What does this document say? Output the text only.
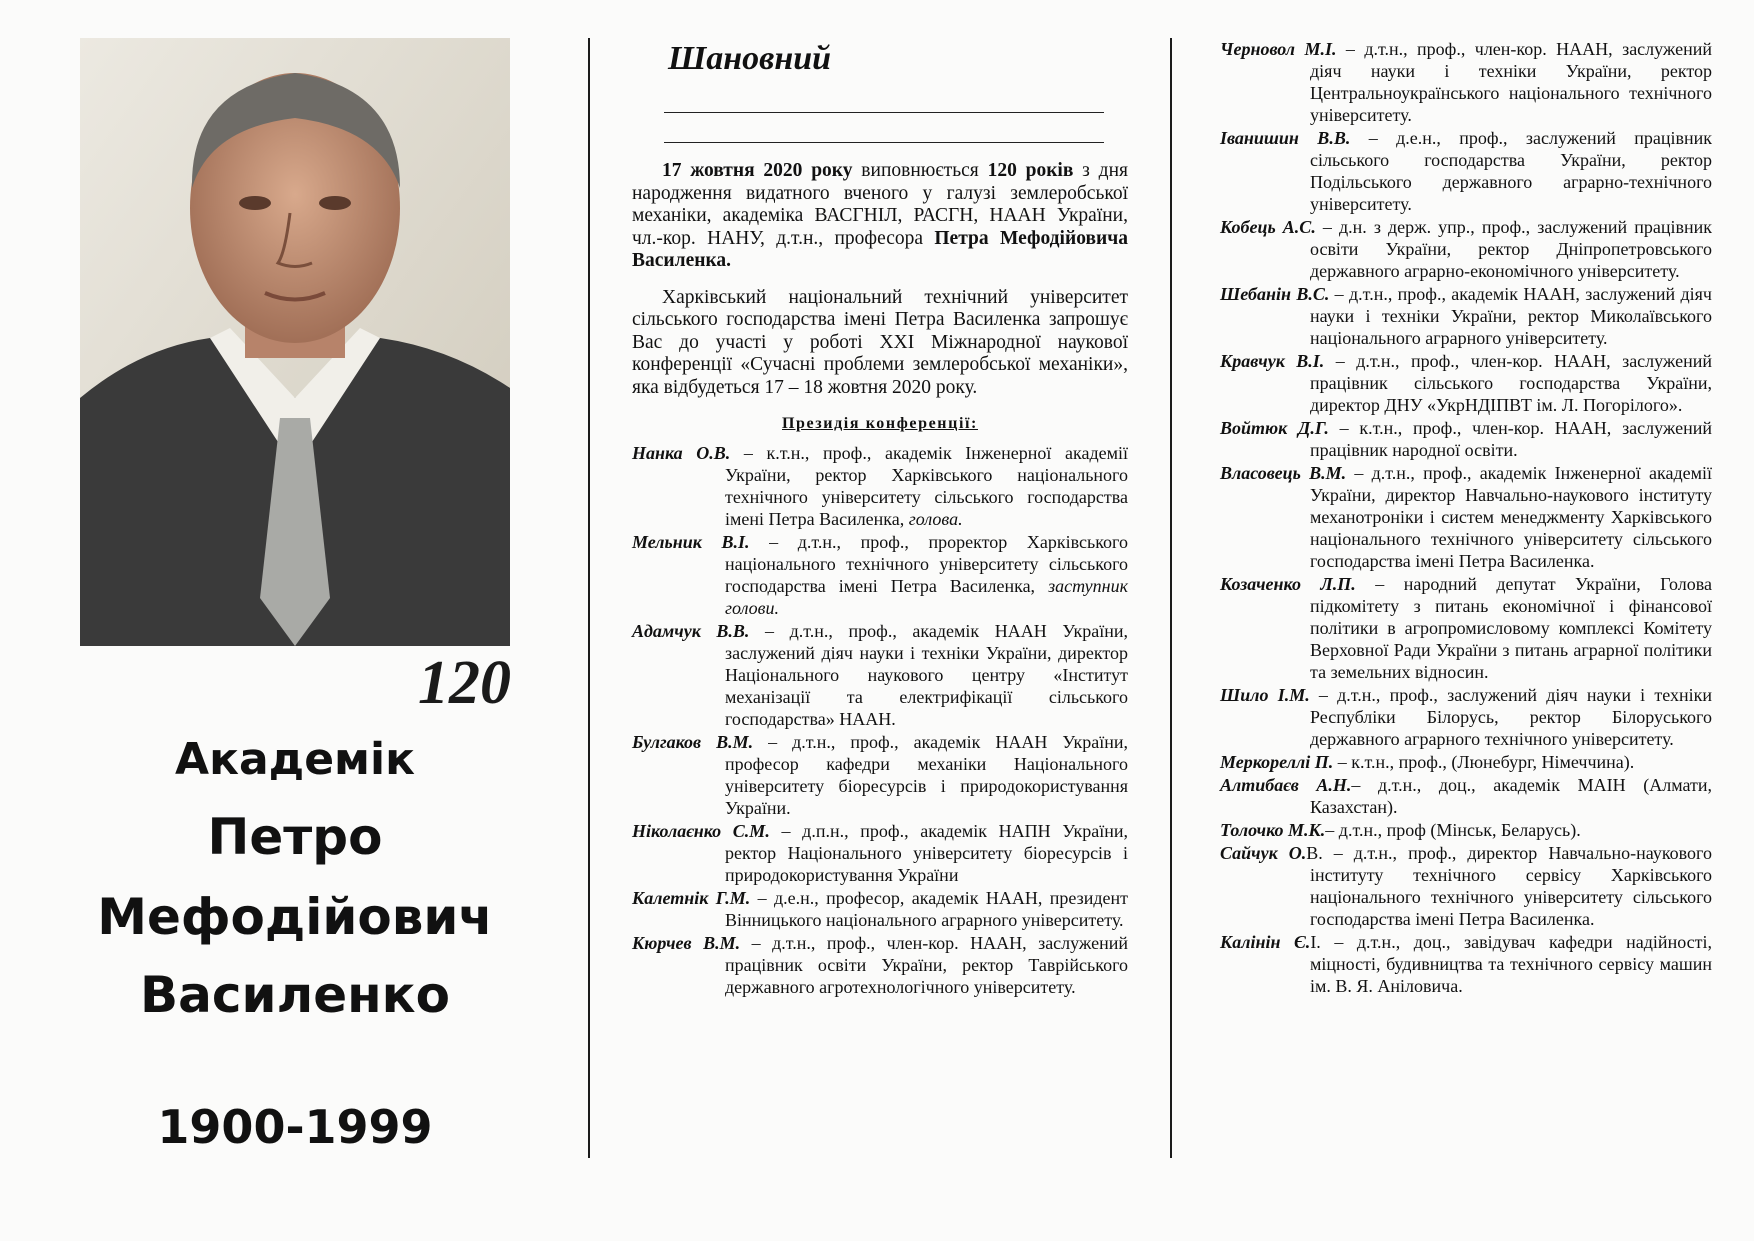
120
Академік
Петро
Мефодійович
Василенко
1900-1999
Шановний

17 жовтня 2020 року виповнюється 120 років з дня народження видатного вченого у галузі землеробської механіки, академіка ВАСГНІЛ, РАСГН, НААН України, чл.-кор. НАНУ, д.т.н., професора Петра Мефодійовича Василенка.

Харківський національний технічний університет сільського господарства імені Петра Василенка запрошує Вас до участі у роботі XXI Міжнародної наукової конференції «Сучасні проблеми землеробської механіки», яка відбудеться 17 – 18 жовтня 2020 року.

Президія конференції:
Нанка О.В. – к.т.н., проф., академік Інженерної академії України, ректор Харківського національного технічного університету сільського господарства імені Петра Василенка, голова.
Мельник В.І. – д.т.н., проф., проректор Харківського національного технічного університету сільського господарства імені Петра Василенка, заступник голови.
Адамчук В.В. – д.т.н., проф., академік НААН України, заслужений діяч науки і техніки України, директор Національного наукового центру «Інститут механізації та електрифікації сільського господарства» НААН.
Булгаков В.М. – д.т.н., проф., академік НААН України, професор кафедри механіки Національного університету біоресурсів і природокористування України.
Ніколаєнко С.М. – д.п.н., проф., академік НАПН України, ректор Національного університету біоресурсів і природокористування України
Калетнік Г.М. – д.е.н., професор, академік НААН, президент Вінницького національного аграрного університету.
Кюрчев В.М. – д.т.н., проф., член-кор. НААН, заслужений працівник освіти України, ректор Таврійського державного агротехнологічного університету.
Черновол М.І. – д.т.н., проф., член-кор. НААН, заслужений діяч науки і техніки України, ректор Центральноукраїнського національного технічного університету.
Іванишин В.В. – д.е.н., проф., заслужений працівник сільського господарства України, ректор Подільського державного аграрно-технічного університету.
Кобець А.С. – д.н. з держ. упр., проф., заслужений працівник освіти України, ректор Дніпропетровського державного аграрно-економічного університету.
Шебанін В.С. – д.т.н., проф., академік НААН, заслужений діяч науки і техніки України, ректор Миколаївського національного аграрного університету.
Кравчук В.І. – д.т.н., проф., член-кор. НААН, заслужений працівник сільського господарства України, директор ДНУ «УкрНДІПВТ ім. Л. Погорілого».
Войтюк Д.Г. – к.т.н., проф., член-кор. НААН, заслужений працівник народної освіти.
Власовець В.М. – д.т.н., проф., академік Інженерної академії України, директор Навчально-наукового інституту механотроніки і систем менеджменту Харківського національного технічного університету сільського господарства імені Петра Василенка.
Козаченко Л.П. – народний депутат України, Голова підкомітету з питань економічної і фінансової політики в агропромисловому комплексі Комітету Верховної Ради України з питань аграрної політики та земельних відносин.
Шило І.М. – д.т.н., проф., заслужений діяч науки і техніки Республіки Білорусь, ректор Білоруського державного аграрного технічного університету.
Меркореллі П. – к.т.н., проф., (Люнебург, Німеччина).
Алтибаєв А.Н.– д.т.н., доц., академік МАІН (Алмати, Казахстан).
Толочко М.К.– д.т.н., проф (Мінськ, Беларусь).
Сайчук О.В. – д.т.н., проф., директор Навчально-наукового інституту технічного сервісу Харківського національного технічного університету сільського господарства імені Петра Василенка.
Калінін Є.І. – д.т.н., доц., завідувач кафедри надійності, міцності, будивництва та технічного сервісу машин ім. В. Я. Аніловича.
